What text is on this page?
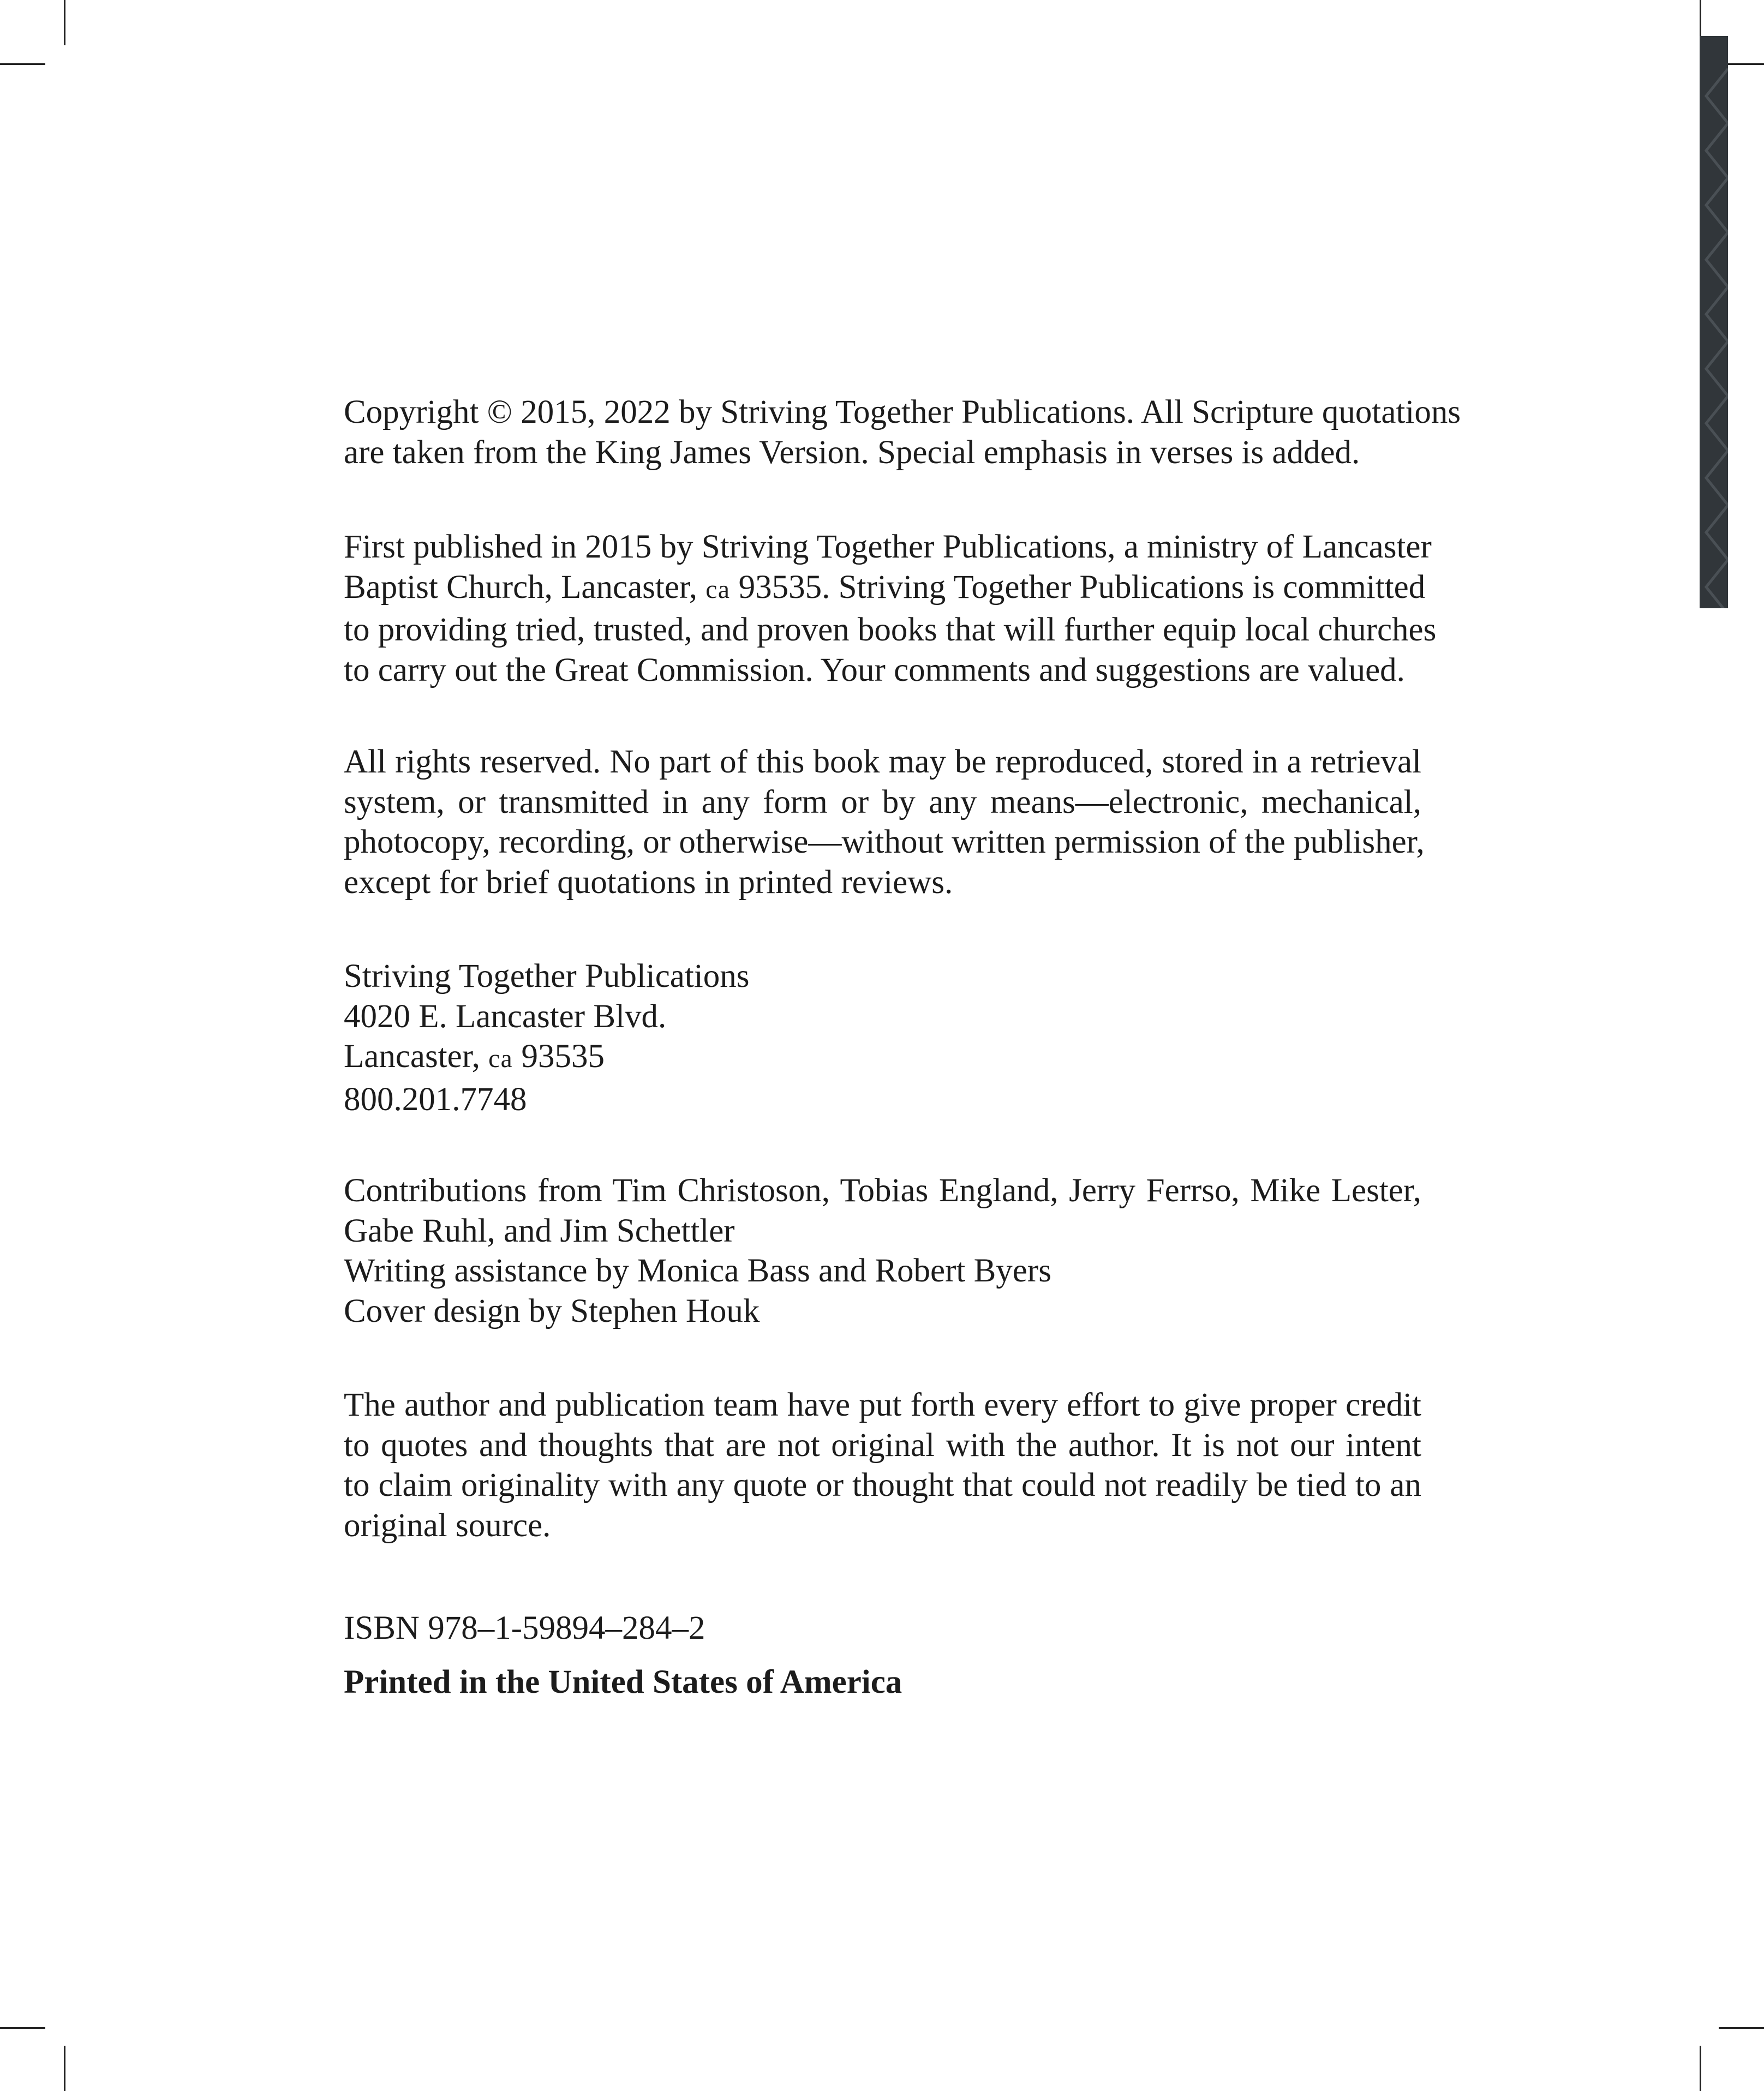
Copyright © 2015, 2022 by Striving Together Publications. All Scripture quotations
are taken from the King James Version. Special emphasis in verses is added.
First published in 2015 by Striving Together Publications, a ministry of Lancaster
Baptist Church, Lancaster, ca 93535. Striving Together Publications is committed
to providing tried, trusted, and proven books that will further equip local churches
to carry out the Great Commission. Your comments and suggestions are valued.
All rights reserved. No part of this book may be reproduced, stored in a retrieval
system, or transmitted in any form or by any means—electronic, mechanical,
photocopy, recording, or otherwise—without written permission of the publisher,
except for brief quotations in printed reviews.
Striving Together Publications
4020 E. Lancaster Blvd.
Lancaster, ca 93535
800.201.7748
Contributions from Tim Christoson, Tobias England, Jerry Ferrso, Mike Lester,
Gabe Ruhl, and Jim Schettler
Writing assistance by Monica Bass and Robert Byers
Cover design by Stephen Houk
The author and publication team have put forth every effort to give proper credit
to quotes and thoughts that are not original with the author. It is not our intent
to claim originality with any quote or thought that could not readily be tied to an
original source.
ISBN 978–1-59894–284–2
Printed in the United States of America
